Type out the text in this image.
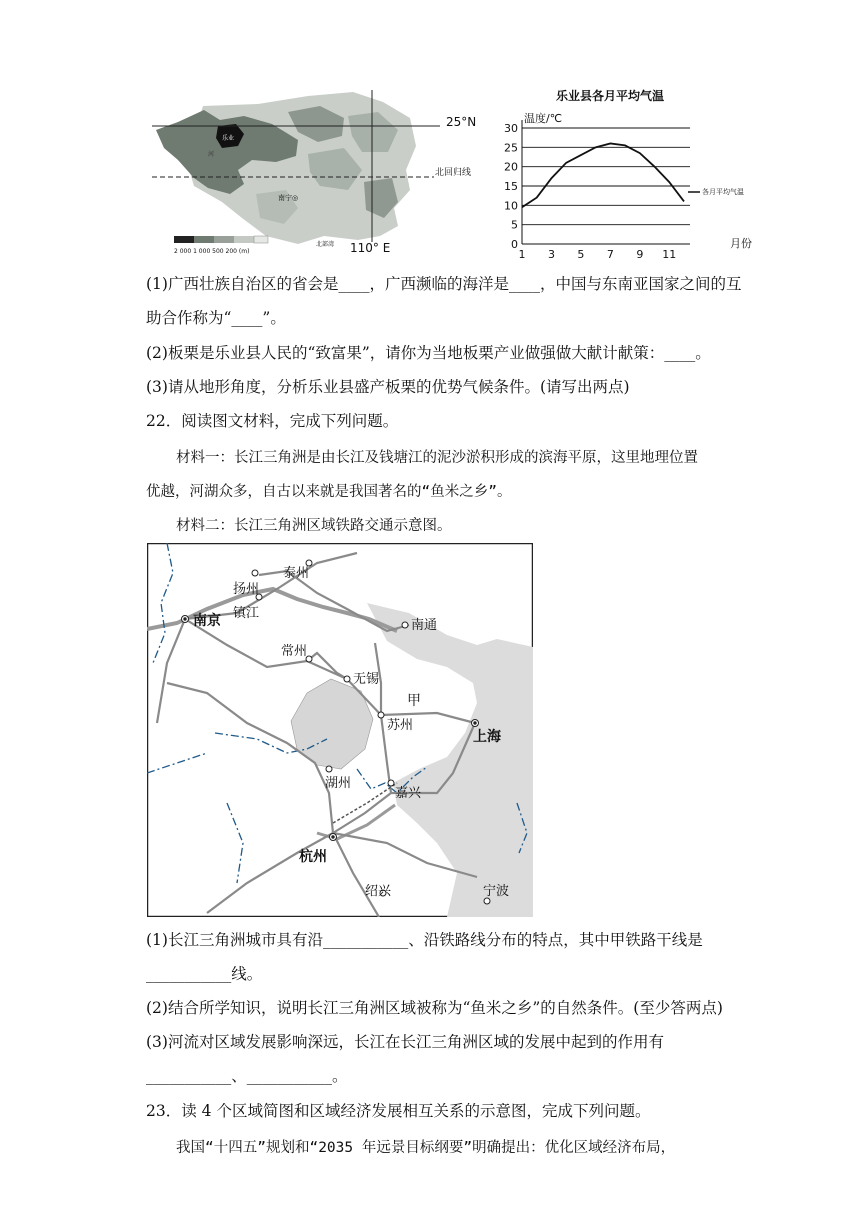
乐业
河
25°N
北回归线
110° E
南宁◎
北部湾
2 000 1 000 500 200 (m)
乐业县各月平均气温
温度/℃
月份
各月平均气温
0
5
10
15
20
25
30
1 3 5 7 9 11
(1)广西壮族自治区的省会是____，广西濒临的海洋是____，中国与东南亚国家之间的互
助合作称为“____”。
(2)板栗是乐业县人民的“致富果”，请你为当地板栗产业做强做大献计献策：____。
(3)请从地形角度，分析乐业县盛产板栗的优势气候条件。(请写出两点)
22．阅读图文材料，完成下列问题。
材料一：长江三角洲是由长江及钱塘江的泥沙淤积形成的滨海平原，这里地理位置
优越，河湖众多，自古以来就是我国著名的“鱼米之乡”。
材料二：长江三角洲区域铁路交通示意图。
泰州
扬州
镇江
南京	南通
常州
无锡
甲
苏州
上海
湖州
嘉兴
杭州
绍兴	宁波
(1)长江三角洲城市具有沿___________、沿铁路线分布的特点，其中甲铁路干线是
___________线。
(2)结合所学知识，说明长江三角洲区域被称为“鱼米之乡”的自然条件。(至少答两点)
(3)河流对区域发展影响深远，长江在长江三角洲区域的发展中起到的作用有
___________、___________。
23．读 4 个区域简图和区域经济发展相互关系的示意图，完成下列问题。
我国“十四五”规划和“2035 年远景目标纲要”明确提出：优化区域经济布局，
